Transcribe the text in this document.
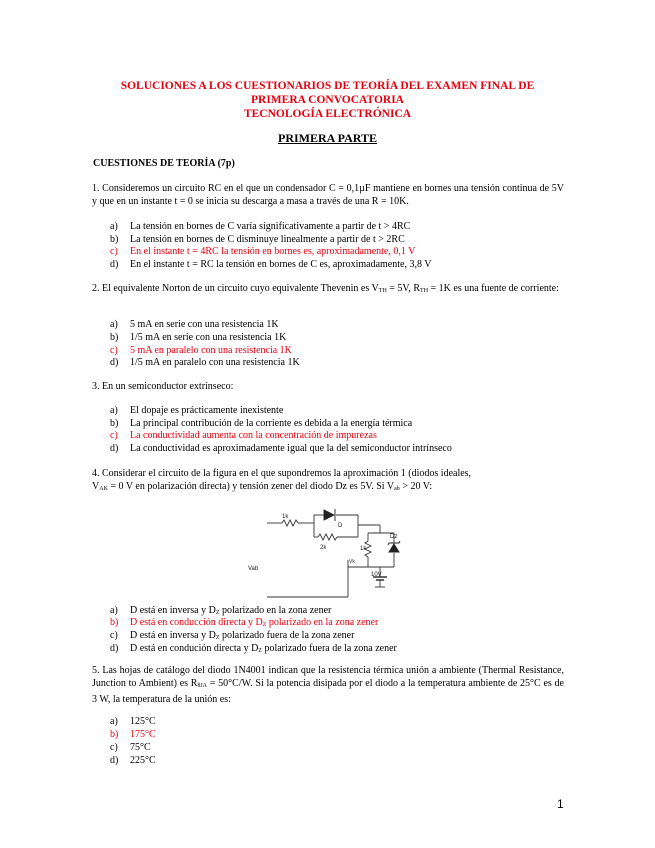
SOLUCIONES A LOS CUESTIONARIOS DE TEORÍA DEL EXAMEN FINAL DE
PRIMERA CONVOCATORIA
TECNOLOGÍA ELECTRÓNICA
PRIMERA PARTE
CUESTIONES DE TEORÍA (7p)
1. Consideremos un circuito RC en el que un condensador C = 0,1µF mantiene en bornes una tensión continua de 5V y que en un instante t = 0 se inicia su descarga a masa a través de una R = 10K.
a) La tensión en bornes de C varía significativamente a partir de t > 4RC
b) La tensión en bornes de C disminuye linealmente a partir de t > 2RC
c) En el instante t = 4RC la tensión en bornes es, aproximadamente, 0,1 V
d) En el instante t = RC la tensión en bornes de C es, aproximadamente, 3,8 V
2. El equivalente Norton de un circuito cuyo equivalente Thevenin es $V_{TH} = 5V$, $R_{TH} = 1K$ es una fuente de corriente:
a) 5 mA en serie con una resistencia 1K
b) 1/5 mA en serie con una resistencia 1K
c) 5 mA en paralelo con una resistencia 1K
d) 1/5 mA en paralelo con una resistencia 1K
3. En un semiconductor extrínseco:
a) El dopaje es prácticamente inexistente
b) La principal contribución de la corriente es debida a la energía térmica
c) La conductividad aumenta con la concentración de impurezas
d) La conductividad es aproximadamente igual que la del semiconductor intrínseco
4. Considerar el circuito de la figura en el que supondremos la aproximación 1 (diodos ideales,
$V_{AK} = 0$ V en polarización directa) y tensión zener del diodo Dz es 5V. Si $V_{ab} > 20$ V:
1k
D
2k	1k
Dz
Vab
Vk
10V
a) D está en inversa y $D_Z$ polarizado en la zona zener
b) D está en conducción directa y $D_Z$ polarizado en la zona zener
c) D está en inversa y $D_Z$ polarizado fuera de la zona zener
d) D está en condución directa y $D_Z$ polarizado fuera de la zona zener
5. Las hojas de catálogo del diodo 1N4001 indican que la resistencia térmica unión a ambiente (Thermal Resistance, Junction to Ambient) es $R_{\theta JA} = 50^\circ C/W$. Si la potencia disipada por el diodo a la temperatura ambiente de 25°C es de 3 W, la temperatura de la unión es:
a) 125°C
b) 175°C
c) 75°C
d) 225°C
1
